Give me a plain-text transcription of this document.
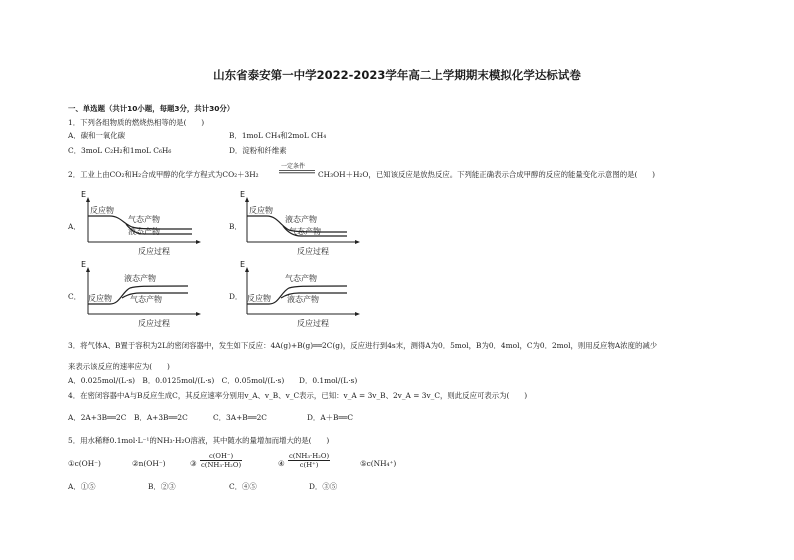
山东省泰安第一中学2022-2023学年高二上学期期末模拟化学达标试卷
一、单选题（共计10小题，每题3分，共计30分）
1．下列各组物质的燃烧热相等的是(　　)
A．碳和一氧化碳	B．1moL CH₄和2moL CH₄
C．3moL C₂H₂和1moL C₆H₆	D．淀粉和纤维素
2．工业上由CO₂和H₂合成甲醇的化学方程式为CO₂＋3H₂
一定条件
CH₃OH＋H₂O，已知该反应是放热反应。下列能正确表示合成甲醇的反应的能量变化示意图的是(　　)
A．
E
反应物
气态产物
液态产物
反应过程
B．
E
反应物
液态产物
气态产物
反应过程
C．
E
反应物
液态产物
气态产物
反应过程
D．
E
反应物
气态产物
液态产物
反应过程
3．将气体A、B置于容积为2L的密闭容器中，发生如下反应：4A(g)+B(g)══2C(g)，反应进行到4s末，测得A为0．5mol，B为0．4mol，C为0．2mol，则用反应物A浓度的减少
来表示该反应的速率应为(　　)
A．0.025mol/(L·s)　B．0.0125mol/(L·s)　C．0.05mol/(L·s)　　D．0.1mol/(L·s)
4．在密闭容器中A与B反应生成C，其反应速率分别用v_A、v_B、v_C表示，已知：v_A = 3v_B、2v_A = 3v_C，则此反应可表示为(　　)
A．2A+3B══2C B．A+3B══2C	C．3A+B══2C	D．A＋B══C
5．用水稀释0.1mol·L⁻¹的NH₃·H₂O溶液，其中随水的量增加而增大的是(　　)
①c(OH⁻)	②n(OH⁻)	③ $\frac{c(OH^-)}{\text{c(NH₃·H₂O)}}$	④ $\frac{\text{c(NH₃·H₂O)}}{c(H^+)}$	⑤c(NH₄⁺)
A．①⑤	B．②③	C．④⑤	D．③⑤
